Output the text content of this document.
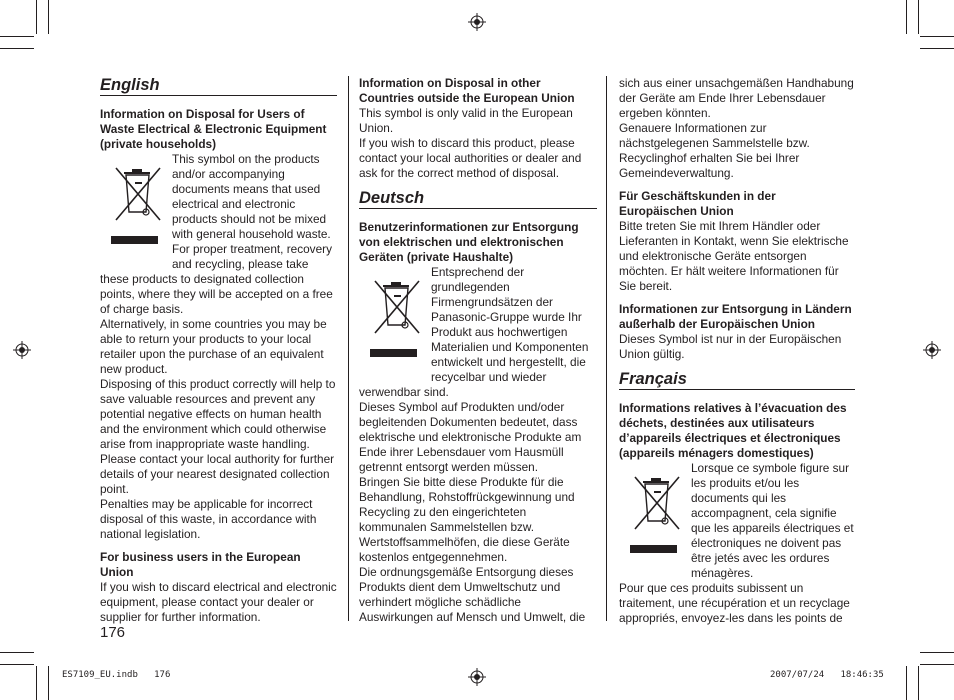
English
Information on Disposal for Users of Waste Electrical & Electronic Equipment (private households)
This symbol on the products and/or accompanying documents means that used electrical and electronic products should not be mixed with general household waste. For proper treatment, recovery and recycling, please take
these products to designated collection points, where they will be accepted on a free of charge basis.
Alternatively, in some countries you may be able to return your products to your local retailer upon the purchase of an equivalent new product.
Disposing of this product correctly will help to save valuable resources and prevent any potential negative effects on human health and the environment which could otherwise arise from inappropriate waste handling.
Please contact your local authority for further details of your nearest designated collection point.
Penalties may be applicable for incorrect disposal of this waste, in accordance with national legislation.
For business users in the European Union
If you wish to discard electrical and electronic equipment, please contact your dealer or supplier for further information.
Information on Disposal in other Countries outside the European Union
This symbol is only valid in the European Union.
If you wish to discard this product, please contact your local authorities or dealer and ask for the correct method of disposal.
Deutsch
Benutzerinformationen zur Entsorgung von elektrischen und elektronischen Geräten (private Haushalte)
Entsprechend der grundlegenden Firmengrundsätzen der Panasonic-Gruppe wurde Ihr Produkt aus hochwertigen Materialien und Komponenten entwickelt und hergestellt, die recycelbar und wieder
verwendbar sind.
Dieses Symbol auf Produkten und/oder begleitenden Dokumenten bedeutet, dass elektrische und elektronische Produkte am Ende ihrer Lebensdauer vom Hausmüll getrennt entsorgt werden müssen.
Bringen Sie bitte diese Produkte für die Behandlung, Rohstoffrückgewinnung und Recycling zu den eingerichteten kommunalen Sammelstellen bzw. Wertstoffsammelhöfen, die diese Geräte kostenlos entgegennehmen.
Die ordnungsgemäße Entsorgung dieses Produkts dient dem Umweltschutz und verhindert mögliche schädliche Auswirkungen auf Mensch und Umwelt, die
sich aus einer unsachgemäßen Handhabung der Geräte am Ende Ihrer Lebensdauer ergeben könnten.
Genauere Informationen zur nächstgelegenen Sammelstelle bzw. Recyclinghof erhalten Sie bei Ihrer Gemeindeverwaltung.
Für Geschäftskunden in der Europäischen Union
Bitte treten Sie mit Ihrem Händler oder Lieferanten in Kontakt, wenn Sie elektrische und elektronische Geräte entsorgen möchten. Er hält weitere Informationen für Sie bereit.
Informationen zur Entsorgung in Ländern außerhalb der Europäischen Union
Dieses Symbol ist nur in der Europäischen Union gültig.
Français
Informations relatives à l’évacuation des déchets, destinées aux utilisateurs d’appareils électriques et électroniques (appareils ménagers domestiques)
Lorsque ce symbole figure sur les produits et/ou les documents qui les accompagnent, cela signifie que les appareils électriques et électroniques ne doivent pas être jetés avec les ordures ménagères.
Pour que ces produits subissent un traitement, une récupération et un recyclage appropriés, envoyez-les dans les points de
176
ES7109_EU.indb   176	2007/07/24   18:46:35
